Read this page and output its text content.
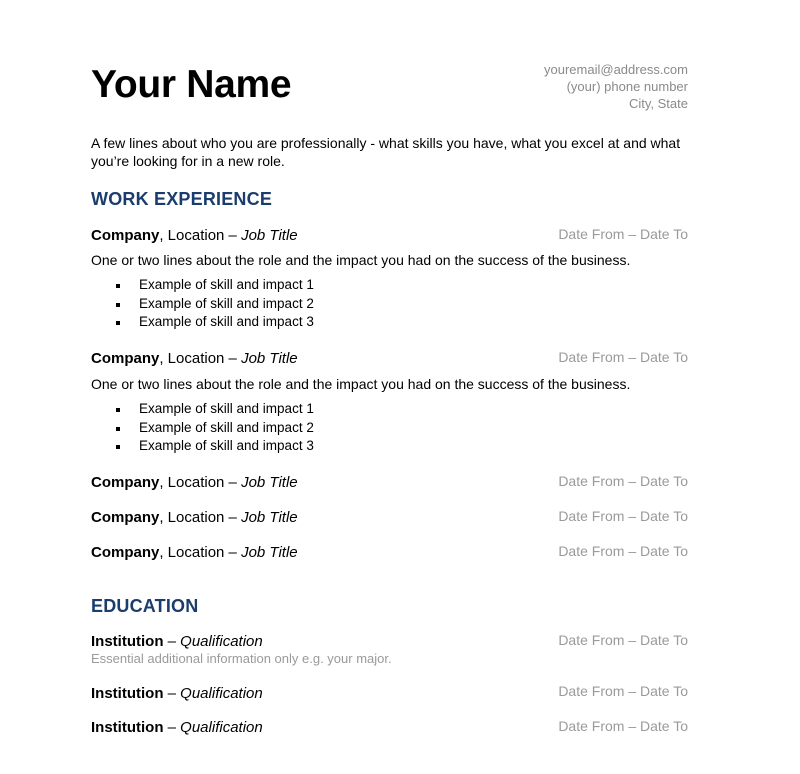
Your Name	youremail@address.com
(your) phone number
City, State
A few lines about who you are professionally - what skills you have, what you excel at and what you’re looking for in a new role.
WORK EXPERIENCE
Company, Location – Job Title	Date From – Date To
One or two lines about the role and the impact you had on the success of the business.
Example of skill and impact 1
Example of skill and impact 2
Example of skill and impact 3
Company, Location – Job Title	Date From – Date To
One or two lines about the role and the impact you had on the success of the business.
Example of skill and impact 1
Example of skill and impact 2
Example of skill and impact 3
Company, Location – Job Title	Date From – Date To
Company, Location – Job Title	Date From – Date To
Company, Location – Job Title	Date From – Date To
EDUCATION
Institution – Qualification	Date From – Date To
Essential additional information only e.g. your major.
Institution – Qualification	Date From – Date To
Institution – Qualification	Date From – Date To
